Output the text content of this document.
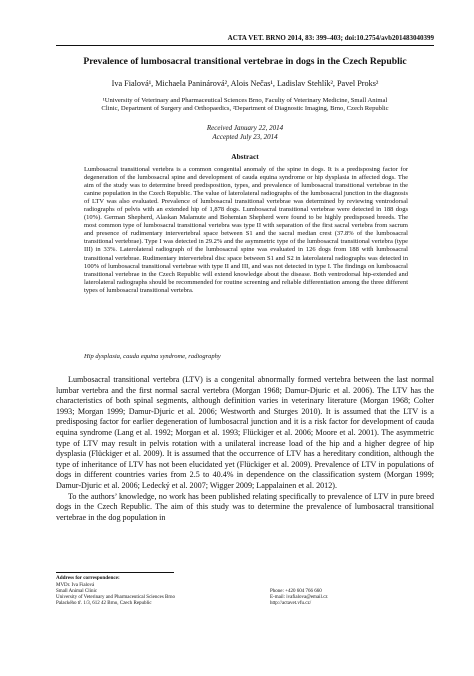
ACTA VET. BRNO 2014, 83: 399–403; doi:10.2754/avb201483040399
Prevalence of lumbosacral transitional vertebrae in dogs in the Czech Republic
Iva Fialová¹, Michaela Paninárová², Alois Nečas¹, Ladislav Stehlík², Pavel Proks²
¹University of Veterinary and Pharmaceutical Sciences Brno, Faculty of Veterinary Medicine, Small Animal
Clinic, Department of Surgery and Orthopaedics, ²Department of Diagnostic Imaging, Brno, Czech Republic
Received January 22, 2014
Accepted July 23, 2014
Abstract

Lumbosacral transitional vertebra is a common congenital anomaly of the spine in dogs. It is a predisposing factor for degeneration of the lumbosacral spine and development of cauda equina syndrome or hip dysplasia in affected dogs. The aim of the study was to determine breed predisposition, types, and prevalence of lumbosacral transitional vertebrae in the canine population in the Czech Republic. The value of laterolateral radiographs of the lumbosacral junction in the diagnosis of LTV was also evaluated. Prevalence of lumbosacral transitional vertebrae was determined by reviewing ventrodorsal radiographs of pelvis with an extended hip of 1,878 dogs. Lumbosacral transitional vertebrae were detected in 188 dogs (10%). German Shepherd, Alaskan Malamute and Bohemian Shepherd were found to be highly predisposed breeds. The most common type of lumbosacral transitional vertebra was type II with separation of the first sacral vertebra from sacrum and presence of rudimentary intervertebral space between S1 and the sacral median crest (37.8% of the lumbosacral transitional vertebrae). Type I was detected in 29.2% and the asymmetric type of the lumbosacral transitional vertebra (type III) in 33%. Laterolateral radiograph of the lumbosacral spine was evaluated in 126 dogs from 188 with lumbosacral transitional vertebrae. Rudimentary intervertebral disc space between S1 and S2 in laterolateral radiographs was detected in 100% of lumbosacral transitional vertebrae with type II and III, and was not detected in type I. The findings on lumbosacral transitional vertebrae in the Czech Republic will extend knowledge about the disease. Both ventrodorsal hip-extended and laterolateral radiographs should be recommended for routine screening and reliable differentiation among the three different types of lumbosacral transitional vertebra.

Hip dysplasia, cauda equina syndrome, radiography

Lumbosacral transitional vertebra (LTV) is a congenital abnormally formed vertebra between the last normal lumbar vertebra and the first normal sacral vertebra (Morgan 1968; Damur-Djuric et al. 2006). The LTV has the characteristics of both spinal segments, although definition varies in veterinary literature (Morgan 1968; Colter 1993; Morgan 1999; Damur-Djuric et al. 2006; Westworth and Sturges 2010). It is assumed that the LTV is a predisposing factor for earlier degeneration of lumbosacral junction and it is a risk factor for development of cauda equina syndrome (Lang et al. 1992; Morgan et al. 1993; Flückiger et al. 2006; Moore et al. 2001). The asymmetric type of LTV may result in pelvis rotation with a unilateral increase load of the hip and a higher degree of hip dysplasia (Flückiger et al. 2009). It is assumed that the occurrence of LTV has a hereditary condition, although the type of inheritance of LTV has not been elucidated yet (Flückiger et al. 2009). Prevalence of LTV in populations of dogs in different countries varies from 2.5 to 40.4% in dependence on the classification system (Morgan 1999; Damur-Djuric et al. 2006; Ledecký et al. 2007; Wigger 2009; Lappalainen et al. 2012).

To the authors’ knowledge, no work has been published relating specifically to prevalence of LTV in pure breed dogs in the Czech Republic. The aim of this study was to determine the prevalence of lumbosacral transitional vertebrae in the dog population in

Address for correspondence:
MVDr. Iva Fialová
Small Animal Clinic
University of Veterinary and Pharmaceutical Sciences Brno
Palackého tř. 1/3, 612 42 Brno, Czech Republic
Phone: +420 604 766 660
E-mail: ivafialova@email.cz
http://actavet.vfu.cz/
